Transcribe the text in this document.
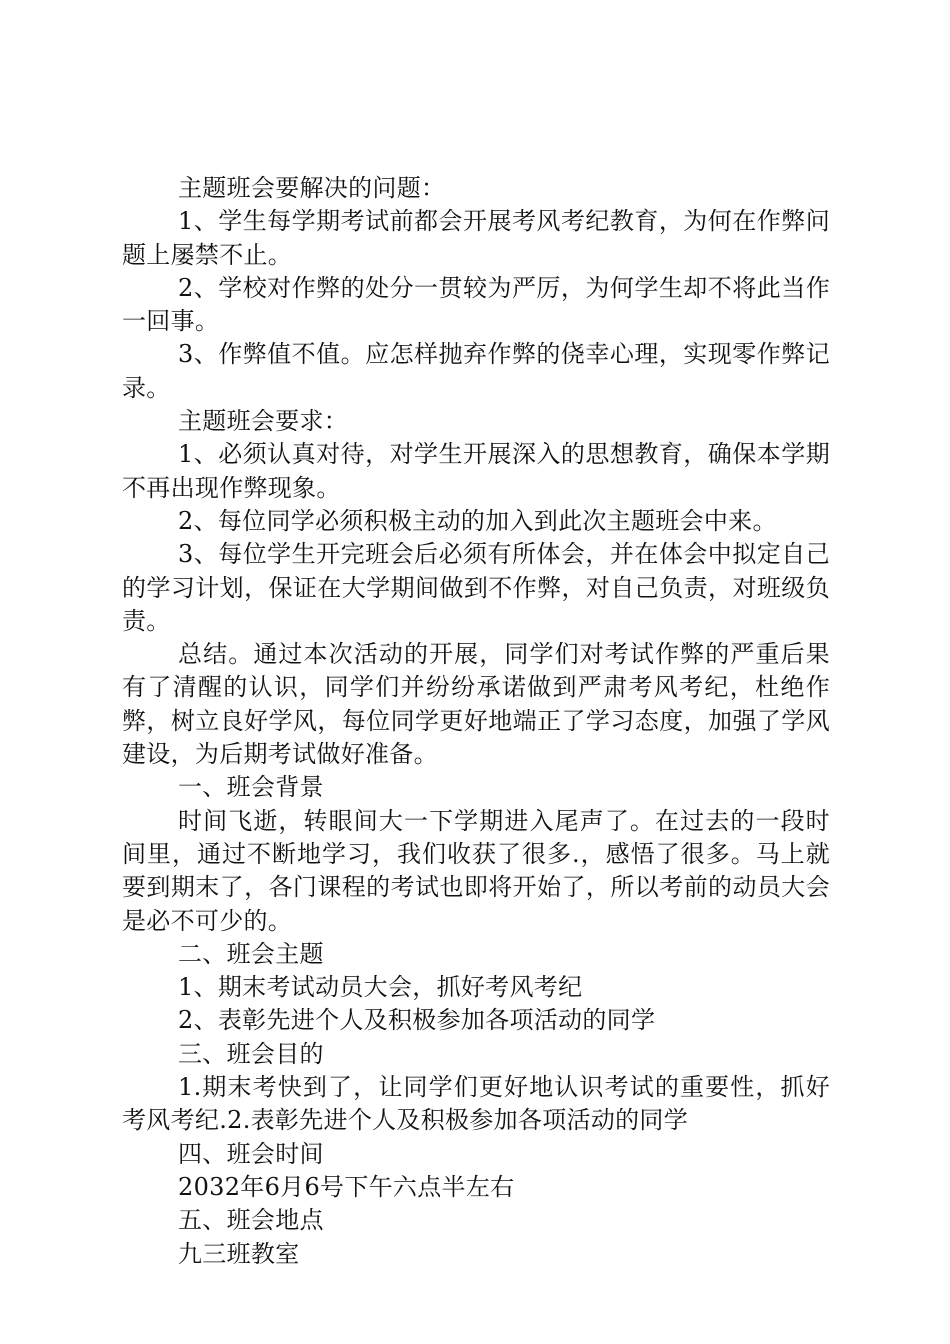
主题班会要解决的问题：

1、学生每学期考试前都会开展考风考纪教育，为何在作弊问题上屡禁不止。

2、学校对作弊的处分一贯较为严厉，为何学生却不将此当作一回事。

3、作弊值不值。应怎样抛弃作弊的侥幸心理，实现零作弊记录。

主题班会要求：

1、必须认真对待，对学生开展深入的思想教育，确保本学期不再出现作弊现象。

2、每位同学必须积极主动的加入到此次主题班会中来。

3、每位学生开完班会后必须有所体会，并在体会中拟定自己的学习计划，保证在大学期间做到不作弊，对自己负责，对班级负责。

总结。通过本次活动的开展，同学们对考试作弊的严重后果有了清醒的认识，同学们并纷纷承诺做到严肃考风考纪，杜绝作弊，树立良好学风，每位同学更好地端正了学习态度，加强了学风建设，为后期考试做好准备。

一、班会背景

时间飞逝，转眼间大一下学期进入尾声了。在过去的一段时间里，通过不断地学习，我们收获了很多.，感悟了很多。马上就要到期末了，各门课程的考试也即将开始了，所以考前的动员大会是必不可少的。

二、班会主题

1、期末考试动员大会，抓好考风考纪

2、表彰先进个人及积极参加各项活动的同学

三、班会目的

1.期末考快到了，让同学们更好地认识考试的重要性，抓好考风考纪.2.表彰先进个人及积极参加各项活动的同学

四、班会时间

2032年6月6号下午六点半左右

五、班会地点

九三班教室
